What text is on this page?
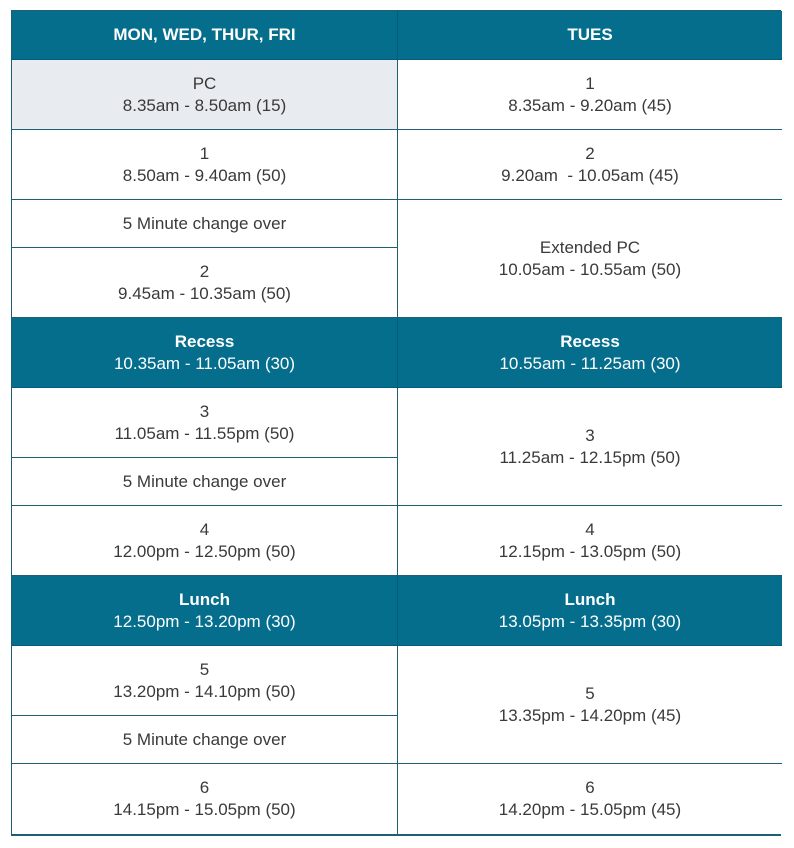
MON, WED, THUR, FRI	TUES
PC
8.35am - 8.50am (15)
1
8.50am - 9.40am (50)
5 Minute change over
2
9.45am - 10.35am (50)
Recess
10.35am - 11.05am (30)
3
11.05am - 11.55pm (50)
5 Minute change over
4
12.00pm - 12.50pm (50)
Lunch
12.50pm - 13.20pm (30)
5
13.20pm - 14.10pm (50)
5 Minute change over
6
14.15pm - 15.05pm (50)
1
8.35am - 9.20am (45)
2
9.20am  - 10.05am (45)
Extended PC
10.05am - 10.55am (50)
Recess
10.55am - 11.25am (30)
3
11.25am - 12.15pm (50)
4
12.15pm - 13.05pm (50)
Lunch
13.05pm - 13.35pm (30)
5
13.35pm - 14.20pm (45)
6
14.20pm - 15.05pm (45)
